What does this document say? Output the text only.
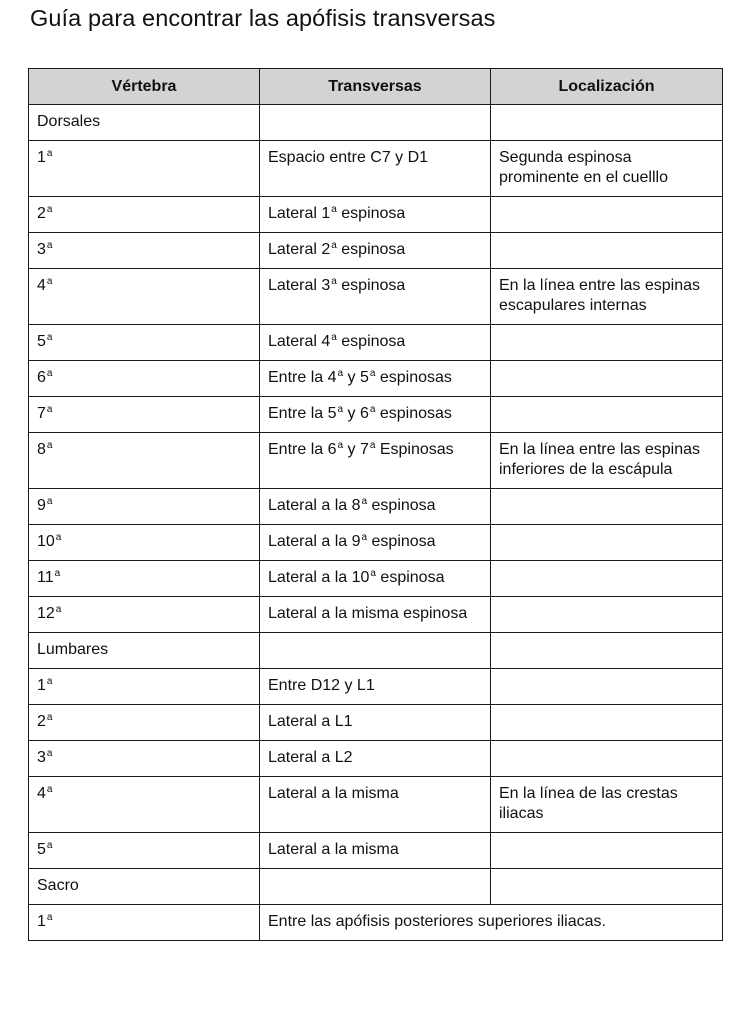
Guía para encontrar las apófisis transversas
Vértebra	Transversas	Localización
Dorsales		
1$^a$	Espacio entre C7 y D1	Segunda espinosa prominente en el cuelllo
2$^a$	Lateral 1$^a$ espinosa	
3$^a$	Lateral 2$^a$ espinosa	
4$^a$	Lateral 3$^a$ espinosa	En la línea entre las espinas escapulares internas
5$^a$	Lateral 4$^a$ espinosa	
6$^a$	Entre la 4$^a$ y 5$^a$ espinosas	
7$^a$	Entre la 5$^a$ y 6$^a$ espinosas	
8$^a$	Entre la 6$^a$ y 7$^a$ Espinosas	En la línea entre las espinas inferiores de la escápula
9$^a$	Lateral a la 8$^a$ espinosa	
10$^a$	Lateral a la 9$^a$ espinosa	
11$^a$	Lateral a la 10$^a$ espinosa	
12$^a$	Lateral a la misma espinosa	
Lumbares		
1$^a$	Entre D12 y L1	
2$^a$	Lateral a L1	
3$^a$	Lateral a L2	
4$^a$	Lateral a la misma	En la línea de las crestas iliacas
5$^a$	Lateral a la misma	
Sacro		
1$^a$	Entre las apófisis posteriores superiores iliacas.	
